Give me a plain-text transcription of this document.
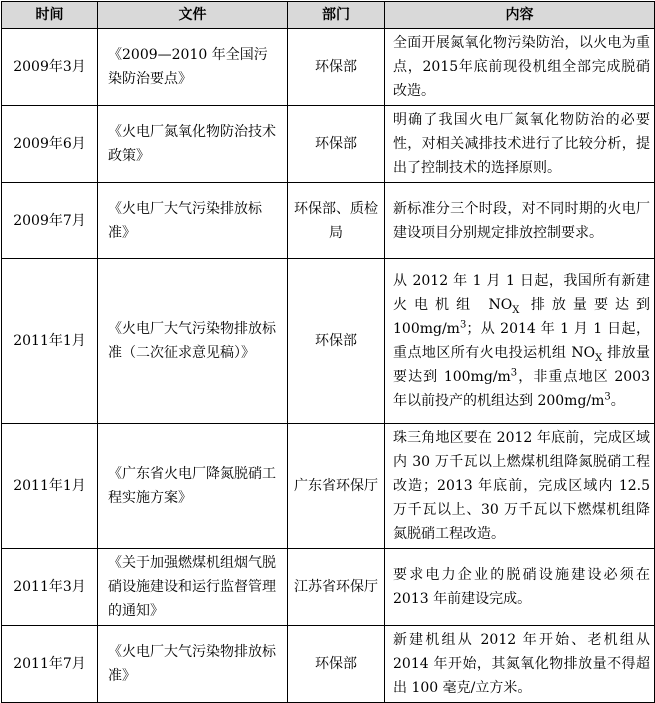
时间	文件	部门	内容
2009年3月	《2009—2010 年全国污染防治要点》	环保部	全面开展氮氧化物污染防治，以火电为重点，2015年底前现役机组全部完成脱硝改造。
2009年6月	《火电厂氮氧化物防治技术政策》	环保部	明确了我国火电厂氮氧化物防治的必要性，对相关减排技术进行了比较分析，提出了控制技术的选择原则。
2009年7月	《火电厂大气污染排放标准》	环保部、质检局	新标准分三个时段，对不同时期的火电厂建设项目分别规定排放控制要求。
2011年1月	《火电厂大气污染物排放标准（二次征求意见稿）》	环保部	从 2012 年 1 月 1 日起，我国所有新建火电机组 $NO_X$ 排放量要达到 $100mg/m^3$；从 2014 年 1 月 1 日起，重点地区所有火电投运机组 $NO_X$ 排放量要达到 $100mg/m^3$，非重点地区 2003 年以前投产的机组达到 $200mg/m^3$。
2011年1月	《广东省火电厂降氮脱硝工程实施方案》	广东省环保厅	珠三角地区要在 2012 年底前，完成区域内 30 万千瓦以上燃煤机组降氮脱硝工程改造；2013 年底前，完成区域内 12.5 万千瓦以上、30 万千瓦以下燃煤机组降氮脱硝工程改造。
2011年3月	《关于加强燃煤机组烟气脱硝设施建设和运行监督管理的通知》	江苏省环保厅	要求电力企业的脱硝设施建设必须在 2013 年前建设完成。
2011年7月	《火电厂大气污染物排放标准》	环保部	新建机组从 2012 年开始、老机组从 2014 年开始，其氮氧化物排放量不得超出 100 毫克/立方米。
